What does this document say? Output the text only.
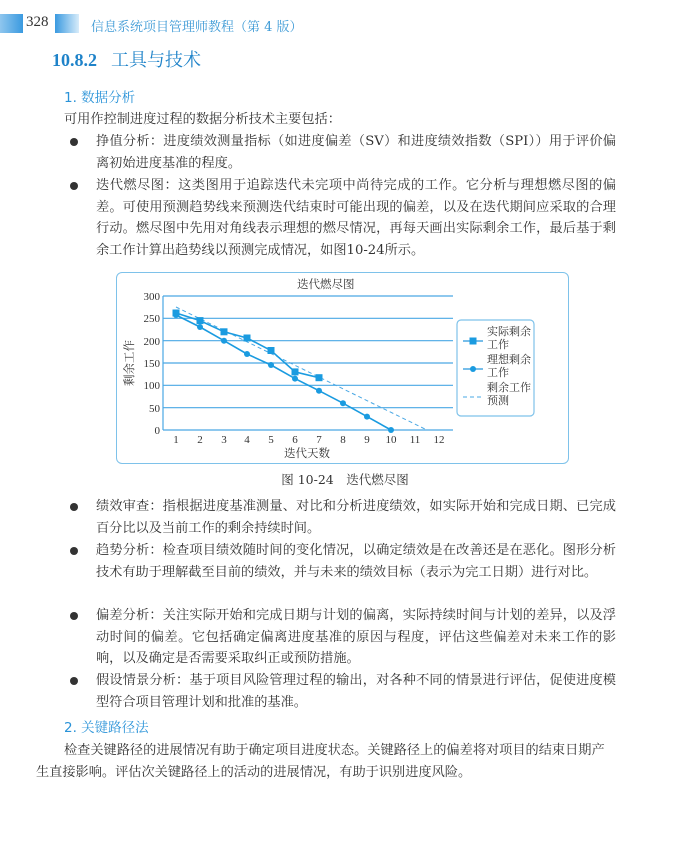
328	信息系统项目管理师教程（第 4 版）
10.8.2 工具与技术
1. 数据分析
可用作控制进度过程的数据分析技术主要包括：
挣值分析：进度绩效测量指标（如进度偏差（SV）和进度绩效指数（SPI））用于评价偏离初始进度基准的程度。
迭代燃尽图：这类图用于追踪迭代未完项中尚待完成的工作。它分析与理想燃尽图的偏差。可使用预测趋势线来预测迭代结束时可能出现的偏差，以及在迭代期间应采取的合理行动。燃尽图中先用对角线表示理想的燃尽情况，再每天画出实际剩余工作，最后基于剩余工作计算出趋势线以预测完成情况，如图10-24所示。
迭代燃尽图
300
250
200
150
100
50
0
1 2 3 4 5 6 7 8 9 10 11 12
迭代天数
剩余工作
实际剩余
工作
理想剩余
工作
剩余工作
预测
图 10-24　迭代燃尽图
绩效审查：指根据进度基准测量、对比和分析进度绩效，如实际开始和完成日期、已完成百分比以及当前工作的剩余持续时间。
趋势分析：检查项目绩效随时间的变化情况，以确定绩效是在改善还是在恶化。图形分析技术有助于理解截至目前的绩效，并与未来的绩效目标（表示为完工日期）进行对比。
偏差分析：关注实际开始和完成日期与计划的偏离，实际持续时间与计划的差异，以及浮动时间的偏差。它包括确定偏离进度基准的原因与程度，评估这些偏差对未来工作的影响，以及确定是否需要采取纠正或预防措施。
假设情景分析：基于项目风险管理过程的输出，对各种不同的情景进行评估，促使进度模型符合项目管理计划和批准的基准。
2. 关键路径法
检查关键路径的进展情况有助于确定项目进度状态。关键路径上的偏差将对项目的结束日期产生直接影响。评估次关键路径上的活动的进展情况，有助于识别进度风险。
